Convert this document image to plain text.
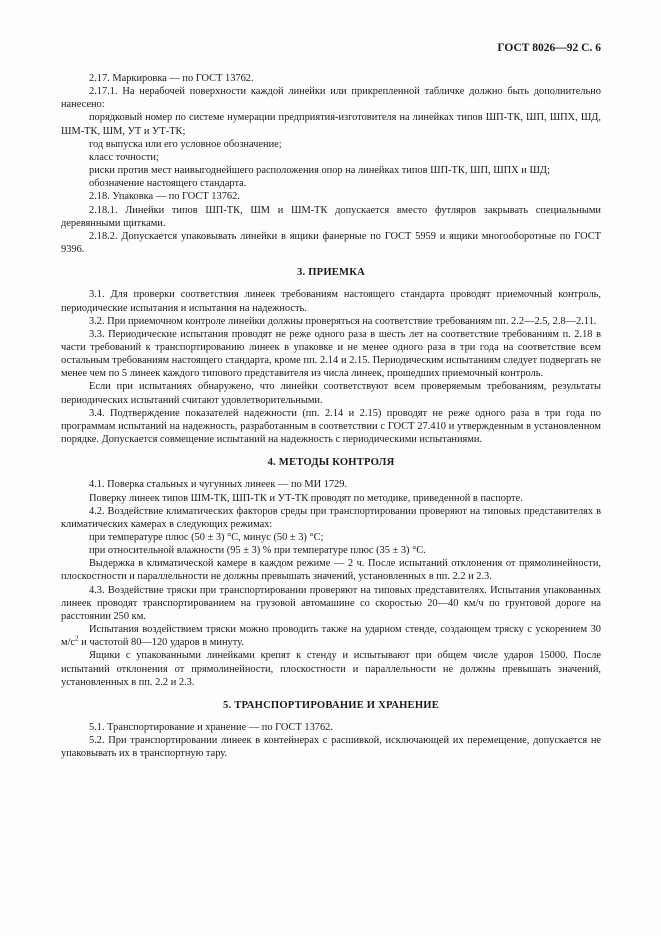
ГОСТ 8026—92 С. 6

2.17. Маркировка — по ГОСТ 13762.

2.17.1. На нерабочей поверхности каждой линейки или прикрепленной табличке должно быть дополнительно нанесено:

порядковый номер по системе нумерации предприятия-изготовителя на линейках типов ШП-ТК, ШП, ШПХ, ШД, ШМ-ТК, ШМ, УТ и УТ-ТК;

год выпуска или его условное обозначение;

класс точности;

риски против мест наивыгоднейшего расположения опор на линейках типов ШП-ТК, ШП, ШПХ и ШД;

обозначение настоящего стандарта.

2.18. Упаковка — по ГОСТ 13762.

2.18.1. Линейки типов ШП-ТК, ШМ и ШМ-ТК допускается вместо футляров закрывать специальными деревянными щитками.

2.18.2. Допускается упаковывать линейки в ящики фанерные по ГОСТ 5959 и ящики многооборотные по ГОСТ 9396.

3. ПРИЕМКА

3.1. Для проверки соответствия линеек требованиям настоящего стандарта проводят приемочный контроль, периодические испытания и испытания на надежность.

3.2. При приемочном контроле линейки должны проверяться на соответствие требованиям пп. 2.2—2.5, 2.8—2.11.

3.3. Периодические испытания проводят не реже одного раза в шесть лет на соответствие требованиям п. 2.18 в части требований к транспортированию линеек в упаковке и не менее одного раза в три года на соответствие всем остальным требованиям настоящего стандарта, кроме пп. 2.14 и 2.15. Периодическим испытаниям следует подвергать не менее чем по 5 линеек каждого типового представителя из числа линеек, прошедших приемочный контроль.

Если при испытаниях обнаружено, что линейки соответствуют всем проверяемым требованиям, результаты периодических испытаний считают удовлетворительными.

3.4. Подтверждение показателей надежности (пп. 2.14 и 2.15) проводят не реже одного раза в три года по программам испытаний на надежность, разработанным в соответствии с ГОСТ 27.410 и утвержденным в установленном порядке. Допускается совмещение испытаний на надежность с периодическими испытаниями.

4. МЕТОДЫ КОНТРОЛЯ

4.1. Поверка стальных и чугунных линеек — по МИ 1729.

Поверку линеек типов ШМ-ТК, ШП-ТК и УТ-ТК проводят по методике, приведенной в паспорте.

4.2. Воздействие климатических факторов среды при транспортировании проверяют на типовых представителях в климатических камерах в следующих режимах:

при температуре плюс (50 ± 3) °С, минус (50 ± 3) °С;

при относительной влажности (95 ± 3) % при температуре плюс (35 ± 3) °С.

Выдержка в климатической камере в каждом режиме — 2 ч. После испытаний отклонения от прямолинейности, плоскостности и параллельности не должны превышать значений, установленных в пп. 2.2 и 2.3.

4.3. Воздействие тряски при транспортировании проверяют на типовых представителях. Испытания упакованных линеек проводят транспортированием на грузовой автомашине со скоростью 20—40 км/ч по грунтовой дороге на расстоянии 250 км.

Испытания воздействием тряски можно проводить также на ударном стенде, создающем тряску с ускорением 30 $м/с^2$ и частотой 80—120 ударов в минуту.

Ящики с упакованными линейками крепят к стенду и испытывают при общем числе ударов 15000. После испытаний отклонения от прямолинейности, плоскостности и параллельности не должны превышать значений, установленных в пп. 2.2 и 2.3.

5. ТРАНСПОРТИРОВАНИЕ И ХРАНЕНИЕ

5.1. Транспортирование и хранение — по ГОСТ 13762.

5.2. При транспортировании линеек в контейнерах с расшивкой, исключающей их перемещение, допускается не упаковывать их в транспортную тару.
